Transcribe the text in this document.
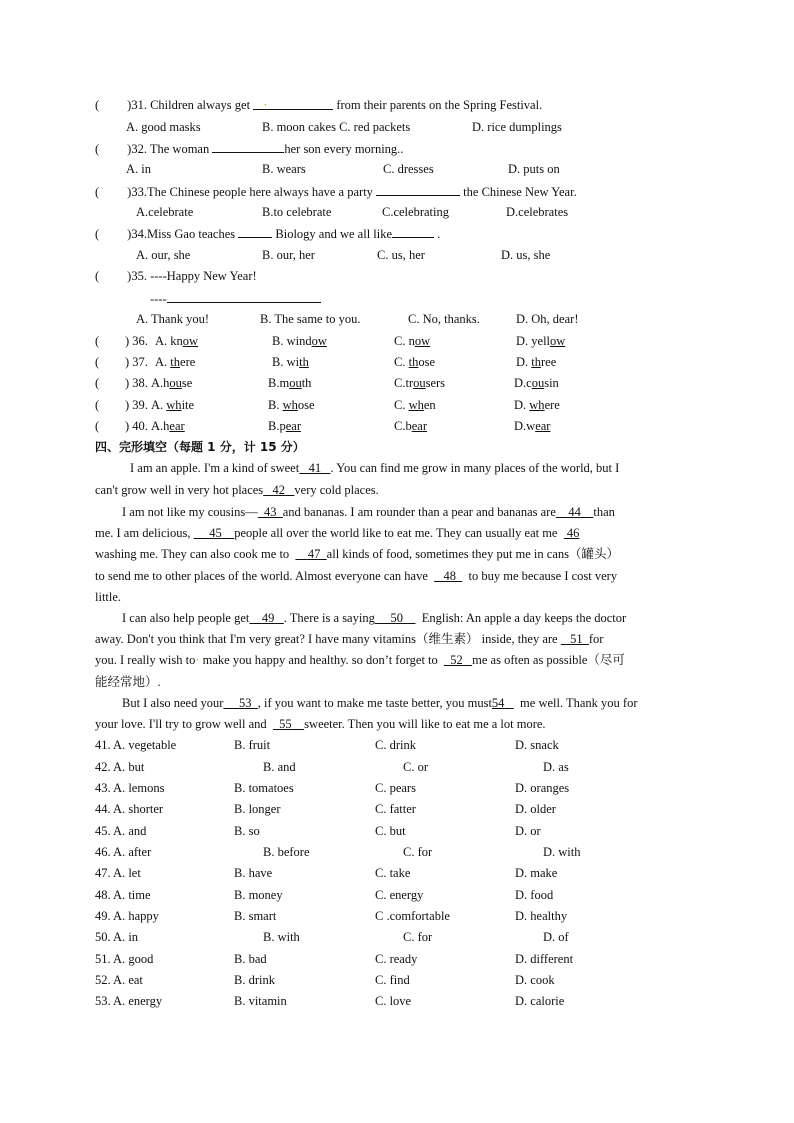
( )31. Children always get ·	from their parents on the Spring Festival.
A. good masks	B. moon cakes C. red packets	D. rice dumplings
( )32. The woman	her son every morning..
A. in	B. wears	C. dresses	D. puts on
( )33.The Chinese people here always have a party	the Chinese New Year.
A.celebrate	B.to celebrate	C.celebrating	D.celebrates
( )34.Miss Gao teaches	Biology and we all like	.
A. our, she	B. our, her	C. us, her	D. us, she
( )35. ----Happy New Year!
----
A. Thank you!	B. The same to you.	C. No, thanks.	D. Oh, dear!
( ) 36. A. know	B. window	C. now	D. yellow
( ) 37. A. there	B. with	C. those	D. three
( ) 38. A.house	B.mouth	C.trousers	D.cousin
( ) 39. A. white	B. whose	C. when	D. where
( ) 40. A.hear	B.pear	C.bear	D.wear
四、完形填空（每题 1 分，计 15 分）
I am an apple. I'm a kind of sweet 41 . You can find me grow in many places of the world, but I
can't grow well in very hot places 42 very cold places.
I am not like my cousins— 43 and bananas. I am rounder than a pear and bananas are 44 than
me. I am delicious, 45 people all over the world like to eat me. They can usually eat me 46
washing me. They can also cook me to 47 all kinds of food, sometimes they put me in cans（罐头）
to send me to other places of the world. Almost everyone can have 48 to buy me because I cost very
little.
I can also help people get 49 . There is a saying 50 English: An apple a day keeps the doctor
away. Don't you think that I'm very great? I have many vitamins（维生素） inside, they are 51 for
you. I really wish to· make you happy and healthy. so don’t forget to 52 me as often as possible（尽可
能经常地）.
But I also need your 53 , if you want to make me taste better, you must54 me well. Thank you for
your love. I'll try to grow well and 55 sweeter. Then you will like to eat me a lot more.
41. A. vegetable	B. fruit	C. drink	D. snack
42. A. but	B. and	C. or	D. as
43. A. lemons	B. tomatoes	C. pears	D. oranges
44. A. shorter	B. longer	C. fatter	D. older
45. A. and	B. so	C. but	D. or
46. A. after	B. before	C. for	D. with
47. A. let	B. have	C. take	D. make
48. A. time	B. money	C. energy	D. food
49. A. happy	B. smart	C .comfortable	D. healthy
50. A. in	B. with	C. for	D. of
51. A. good	B. bad	C. ready	D. different
52. A. eat	B. drink	C. find	D. cook
53. A. energy	B. vitamin	C. love	D. calorie
